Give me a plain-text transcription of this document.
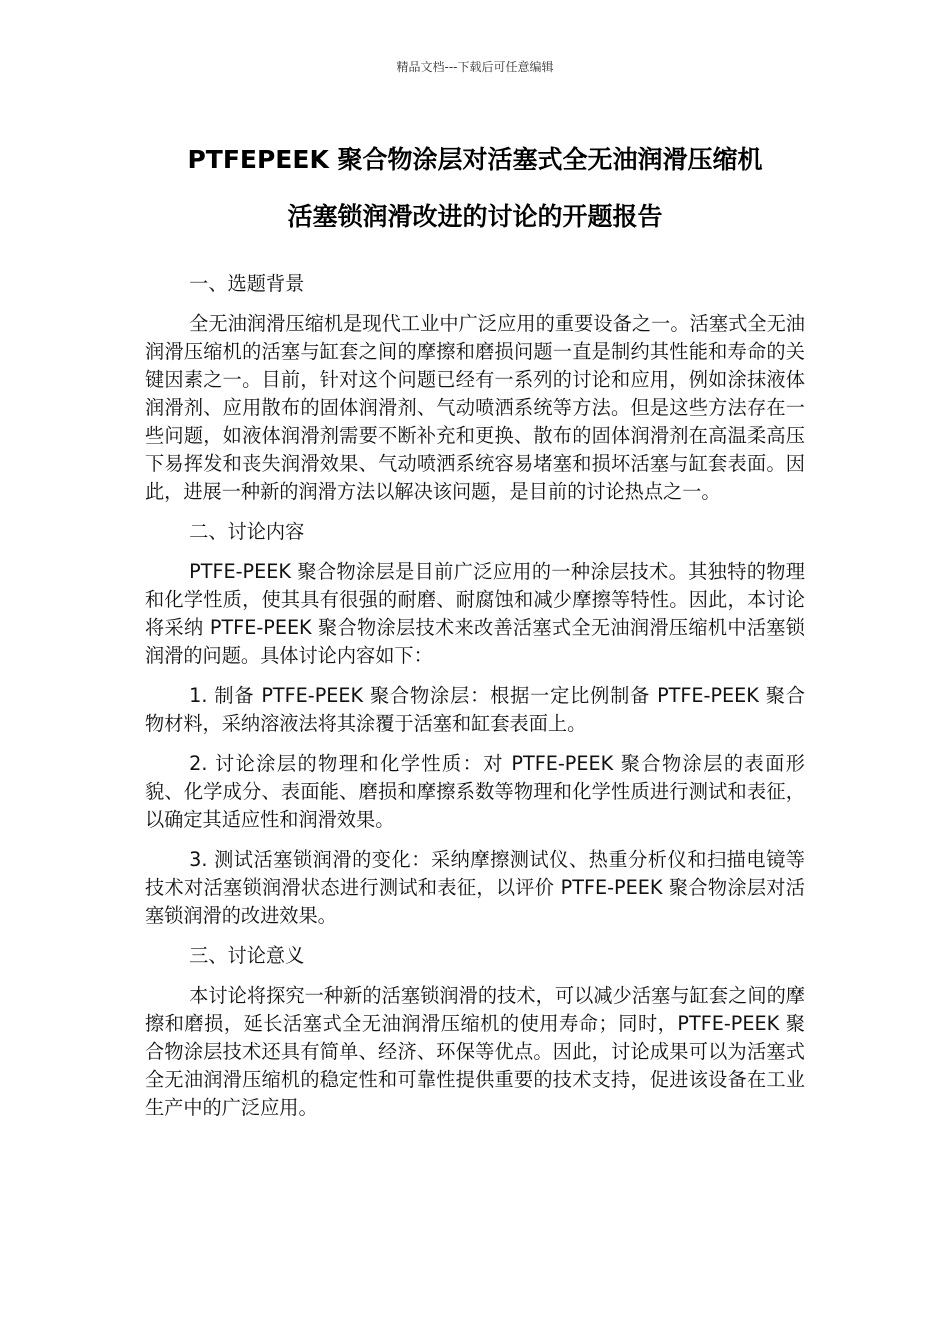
精品文档---下载后可任意编辑
PTFEPEEK 聚合物涂层对活塞式全无油润滑压缩机
活塞锁润滑改进的讨论的开题报告

一、选题背景

全无油润滑压缩机是现代工业中广泛应用的重要设备之一。活塞式全无油润滑压缩机的活塞与缸套之间的摩擦和磨损问题一直是制约其性能和寿命的关键因素之一。目前，针对这个问题已经有一系列的讨论和应用，例如涂抹液体润滑剂、应用散布的固体润滑剂、气动喷洒系统等方法。但是这些方法存在一些问题，如液体润滑剂需要不断补充和更换、散布的固体润滑剂在高温柔高压下易挥发和丧失润滑效果、气动喷洒系统容易堵塞和损坏活塞与缸套表面。因此，进展一种新的润滑方法以解决该问题，是目前的讨论热点之一。

二、讨论内容

PTFE-PEEK 聚合物涂层是目前广泛应用的一种涂层技术。其独特的物理和化学性质，使其具有很强的耐磨、耐腐蚀和减少摩擦等特性。因此，本讨论将采纳 PTFE-PEEK 聚合物涂层技术来改善活塞式全无油润滑压缩机中活塞锁润滑的问题。具体讨论内容如下：

1. 制备 PTFE-PEEK 聚合物涂层：根据一定比例制备 PTFE-PEEK 聚合物材料，采纳溶液法将其涂覆于活塞和缸套表面上。

2. 讨论涂层的物理和化学性质：对 PTFE-PEEK 聚合物涂层的表面形貌、化学成分、表面能、磨损和摩擦系数等物理和化学性质进行测试和表征，以确定其适应性和润滑效果。

3. 测试活塞锁润滑的变化：采纳摩擦测试仪、热重分析仪和扫描电镜等技术对活塞锁润滑状态进行测试和表征，以评价 PTFE-PEEK 聚合物涂层对活塞锁润滑的改进效果。

三、讨论意义

本讨论将探究一种新的活塞锁润滑的技术，可以减少活塞与缸套之间的摩擦和磨损，延长活塞式全无油润滑压缩机的使用寿命；同时，PTFE-PEEK 聚合物涂层技术还具有简单、经济、环保等优点。因此，讨论成果可以为活塞式全无油润滑压缩机的稳定性和可靠性提供重要的技术支持，促进该设备在工业生产中的广泛应用。
